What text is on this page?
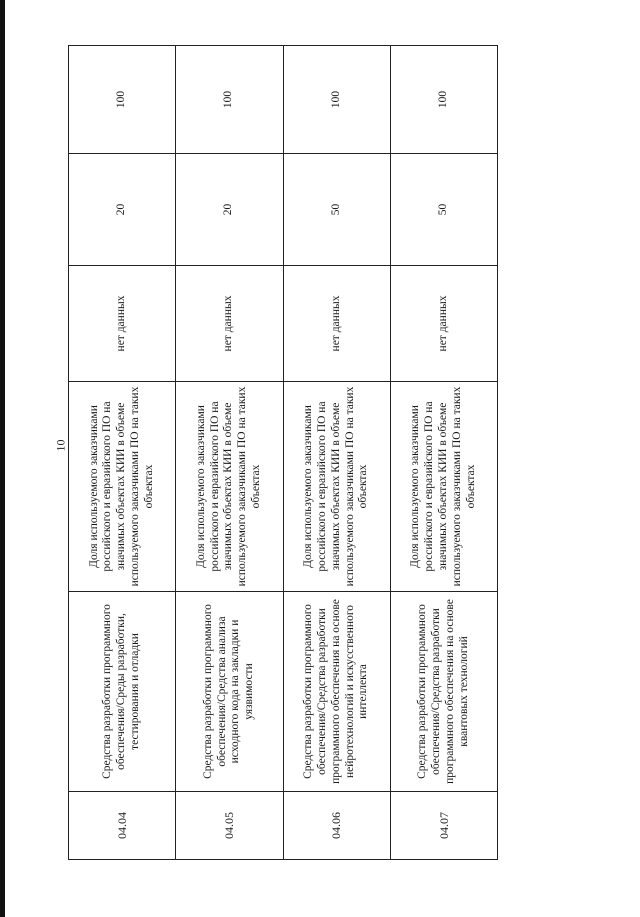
10
04.04	Средства разработки программного обеспечения/Среды разработки, тестирования и отладки	Доля используемого заказчиками российского и евразийского ПО на значимых объектах КИИ в объеме используемого заказчиками ПО на таких объектах	нет данных	20	100
04.05	Средства разработки программного обеспечения/Средства анализа исходного кода на закладки и уязвимости	Доля используемого заказчиками российского и евразийского ПО на значимых объектах КИИ в объеме используемого заказчиками ПО на таких объектах	нет данных	20	100
04.06	Средства разработки программного обеспечения/Средства разработки программного обеспечения на основе нейротехнологий и искусственного интеллекта	Доля используемого заказчиками российского и евразийского ПО на значимых объектах КИИ в объеме используемого заказчиками ПО на таких объектах	нет данных	50	100
04.07	Средства разработки программного обеспечения/Средства разработки программного обеспечения на основе квантовых технологий	Доля используемого заказчиками российского и евразийского ПО на значимых объектах КИИ в объеме используемого заказчиками ПО на таких объектах	нет данных	50	100
